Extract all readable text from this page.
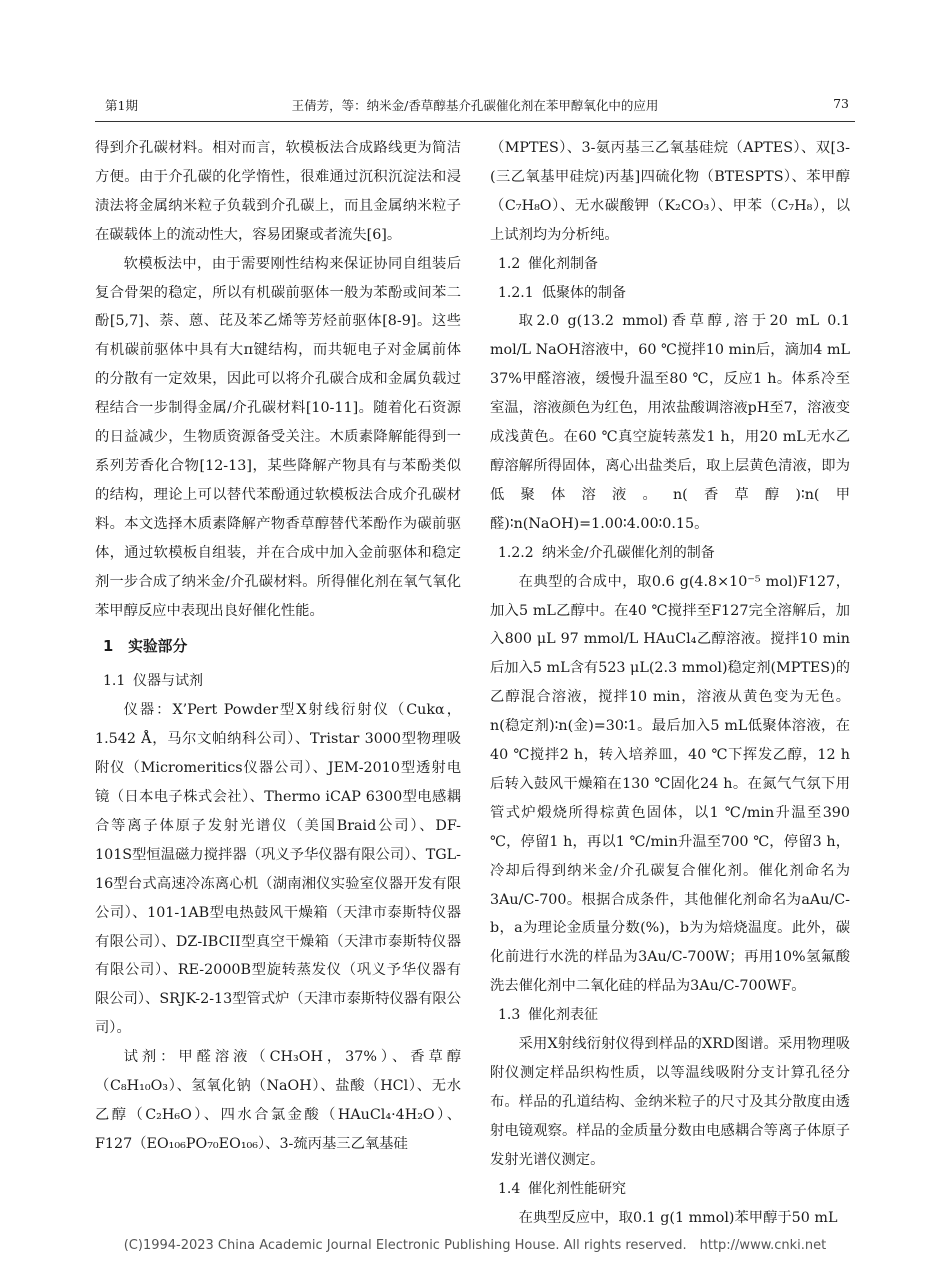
第1期	王倩芳，等：纳米金/香草醇基介孔碳催化剂在苯甲醇氧化中的应用	73

得到介孔碳材料。相对而言，软模板法合成路线更为简洁方便。由于介孔碳的化学惰性，很难通过沉积沉淀法和浸渍法将金属纳米粒子负载到介孔碳上，而且金属纳米粒子在碳载体上的流动性大，容易团聚或者流失[6]。

软模板法中，由于需要刚性结构来保证协同自组装后复合骨架的稳定，所以有机碳前驱体一般为苯酚或间苯二酚[5,7]、萘、蒽、芘及苯乙烯等芳烃前驱体[8-9]。这些有机碳前驱体中具有大π键结构，而共轭电子对金属前体的分散有一定效果，因此可以将介孔碳合成和金属负载过程结合一步制得金属/介孔碳材料[10-11]。随着化石资源的日益减少，生物质资源备受关注。木质素降解能得到一系列芳香化合物[12-13]，某些降解产物具有与苯酚类似的结构，理论上可以替代苯酚通过软模板法合成介孔碳材料。本文选择木质素降解产物香草醇替代苯酚作为碳前驱体，通过软模板自组装，并在合成中加入金前驱体和稳定剂一步合成了纳米金/介孔碳材料。所得催化剂在氧气氧化苯甲醇反应中表现出良好催化性能。

1　实验部分
1.1 仪器与试剂

仪器：X’Pert Powder型X射线衍射仪（Cukα，1.542 Å，马尔文帕纳科公司）、Tristar 3000型物理吸附仪（Micromeritics仪器公司）、JEM-2010型透射电镜（日本电子株式会社）、Thermo iCAP 6300型电感耦合等离子体原子发射光谱仪（美国Braid公司）、DF-101S型恒温磁力搅拌器（巩义予华仪器有限公司）、TGL-16型台式高速冷冻离心机（湖南湘仪实验室仪器开发有限公司）、101-1AB型电热鼓风干燥箱（天津市泰斯特仪器有限公司）、DZ-IBCII型真空干燥箱（天津市泰斯特仪器有限公司）、RE-2000B型旋转蒸发仪（巩义予华仪器有限公司）、SRJK-2-13型管式炉（天津市泰斯特仪器有限公司）。

试剂：甲醛溶液（CH₃OH，37%）、香草醇（C₈H₁₀O₃）、氢氧化钠（NaOH）、盐酸（HCl）、无水乙醇（C₂H₆O）、四水合氯金酸（HAuCl₄·4H₂O）、F127（EO₁₀₆PO₇₀EO₁₀₆）、3-巯丙基三乙氧基硅

（MPTES）、3-氨丙基三乙氧基硅烷（APTES）、双[3-(三乙氧基甲硅烷)丙基]四硫化物（BTESPTS）、苯甲醇（C₇H₈O）、无水碳酸钾（K₂CO₃）、甲苯（C₇H₈），以上试剂均为分析纯。

1.2 催化剂制备
1.2.1 低聚体的制备

取2.0 g(13.2 mmol)香草醇,溶于20 mL 0.1 mol/L NaOH溶液中，60 ℃搅拌10 min后，滴加4 mL 37%甲醛溶液，缓慢升温至80 ℃，反应1 h。体系冷至室温，溶液颜色为红色，用浓盐酸调溶液pH至7，溶液变成浅黄色。在60 ℃真空旋转蒸发1 h，用20 mL无水乙醇溶解所得固体，离心出盐类后，取上层黄色清液，即为低聚体溶液。n(香草醇)∶n(甲醛)∶n(NaOH)=1.00∶4.00∶0.15。

1.2.2 纳米金/介孔碳催化剂的制备

在典型的合成中，取0.6 g(4.8×10⁻⁵ mol)F127，加入5 mL乙醇中。在40 ℃搅拌至F127完全溶解后，加入800 μL 97 mmol/L HAuCl₄乙醇溶液。搅拌10 min后加入5 mL含有523 μL(2.3 mmol)稳定剂(MPTES)的乙醇混合溶液，搅拌10 min，溶液从黄色变为无色。n(稳定剂)∶n(金)=30∶1。最后加入5 mL低聚体溶液，在40 ℃搅拌2 h，转入培养皿，40 ℃下挥发乙醇，12 h后转入鼓风干燥箱在130 ℃固化24 h。在氮气气氛下用管式炉煅烧所得棕黄色固体，以1 ℃/min升温至390 ℃，停留1 h，再以1 ℃/min升温至700 ℃，停留3 h，冷却后得到纳米金/介孔碳复合催化剂。催化剂命名为3Au/C-700。根据合成条件，其他催化剂命名为aAu/C-b，a为理论金质量分数(%)，b为为焙烧温度。此外，碳化前进行水洗的样品为3Au/C-700W；再用10%氢氟酸洗去催化剂中二氧化硅的样品为3Au/C-700WF。

1.3 催化剂表征

采用X射线衍射仪得到样品的XRD图谱。采用物理吸附仪测定样品织构性质，以等温线吸附分支计算孔径分布。样品的孔道结构、金纳米粒子的尺寸及其分散度由透射电镜观察。样品的金质量分数由电感耦合等离子体原子发射光谱仪测定。

1.4 催化剂性能研究

在典型反应中，取0.1 g(1 mmol)苯甲醇于50 mL

(C)1994-2023 China Academic Journal Electronic Publishing House. All rights reserved.　http://www.cnki.net
